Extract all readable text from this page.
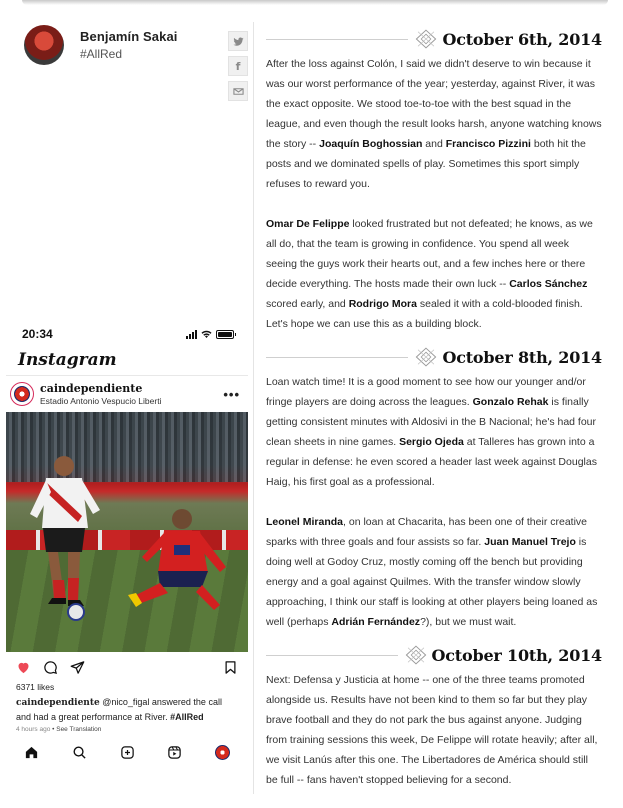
Benjamín Sakai
#AllRed
f
October 6th, 2014

After the loss against Colón, I said we didn't deserve to win because it was our worst performance of the year; yesterday, against River, it was the exact opposite. We stood toe-to-toe with the best squad in the league, and even though the result looks harsh, anyone watching knows the story -- Joaquín Boghossian and Francisco Pizzini both hit the posts and we dominated spells of play. Sometimes this sport simply refuses to reward you.

Omar De Felippe looked frustrated but not defeated; he knows, as we all do, that the team is growing in confidence. You spend all week seeing the guys work their hearts out, and a few inches here or there decide everything. The hosts made their own luck -- Carlos Sánchez scored early, and Rodrigo Mora sealed it with a cold-blooded finish. Let's hope we can use this as a building block.

October 8th, 2014

Loan watch time! It is a good moment to see how our younger and/or fringe players are doing across the leagues. Gonzalo Rehak is finally getting consistent minutes with Aldosivi in the B Nacional; he's had four clean sheets in nine games. Sergio Ojeda at Talleres has grown into a regular in defense: he even scored a header last week against Douglas Haig, his first goal as a professional.

Leonel Miranda, on loan at Chacarita, has been one of their creative sparks with three goals and four assists so far. Juan Manuel Trejo is doing well at Godoy Cruz, mostly coming off the bench but providing energy and a goal against Quilmes. With the transfer window slowly approaching, I think our staff is looking at other players being loaned as well (perhaps Adrián Fernández?), but we must wait.

October 10th, 2014

Next: Defensa y Justicia at home -- one of the three teams promoted alongside us. Results have not been kind to them so far but they play brave football and they do not park the bus against anyone. Judging from training sessions this week, De Felippe will rotate heavily; after all, we visit Lanús after this one. The Libertadores de América should still be full -- fans haven't stopped believing for a second.

20:34
Instagram
caindependiente
Estadio Antonio Vespucio Liberti	•••
6371 likes
caindependiente @nico_figal answered the call and had a great performance at River. #AllRed
4 hours ago • See Translation
